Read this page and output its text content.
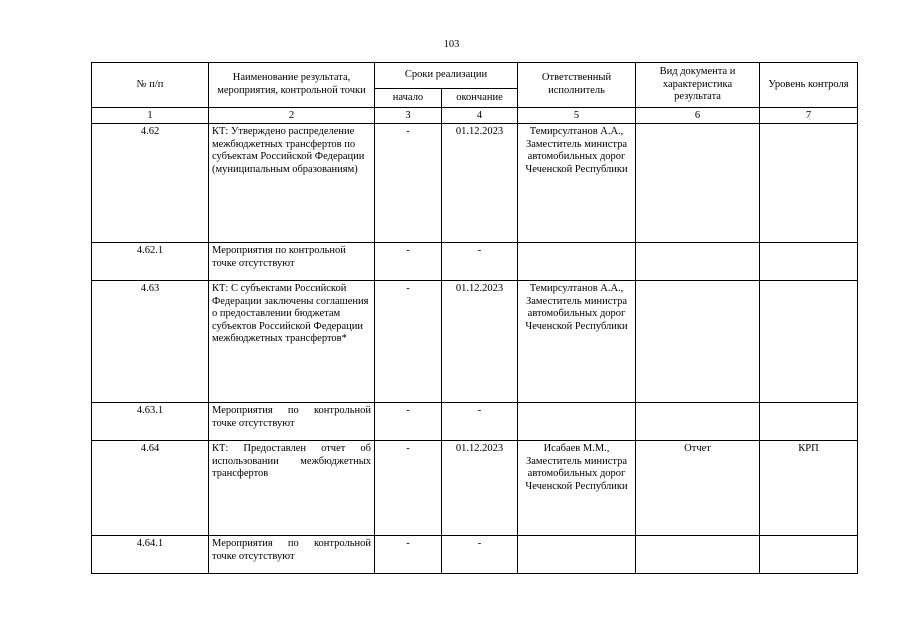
103
№ п/п	Наименование результата, мероприятия, контрольной точки	Сроки реализации		Ответственный исполнитель	Вид документа и характеристика результата	Уровень контроля
		начало	окончание			
1	2	3	4	5	6	7
4.62	КТ: Утверждено распределение межбюджетных трансфертов по субъектам Российской Федерации (муниципальным образованиям)	-	01.12.2023	Темирсултанов А.А., Заместитель министра автомобильных дорог Чеченской Республики		
4.62.1	Мероприятия по контрольной точке отсутствуют	-	-			
4.63	КТ: С субъектами Российской Федерации заключены соглашения о предоставлении бюджетам субъектов Российской Федерации межбюджетных трансфертов*	-	01.12.2023	Темирсултанов А.А., Заместитель министра автомобильных дорог Чеченской Республики		
4.63.1	Мероприятия по контрольной точке отсутствуют	-	-			
4.64	КТ: Предоставлен отчет об использовании межбюджетных трансфертов	-	01.12.2023	Исабаев М.М., Заместитель министра автомобильных дорог Чеченской Республики	Отчет	КРП
4.64.1	Мероприятия по контрольной точке отсутствуют	-	-			
